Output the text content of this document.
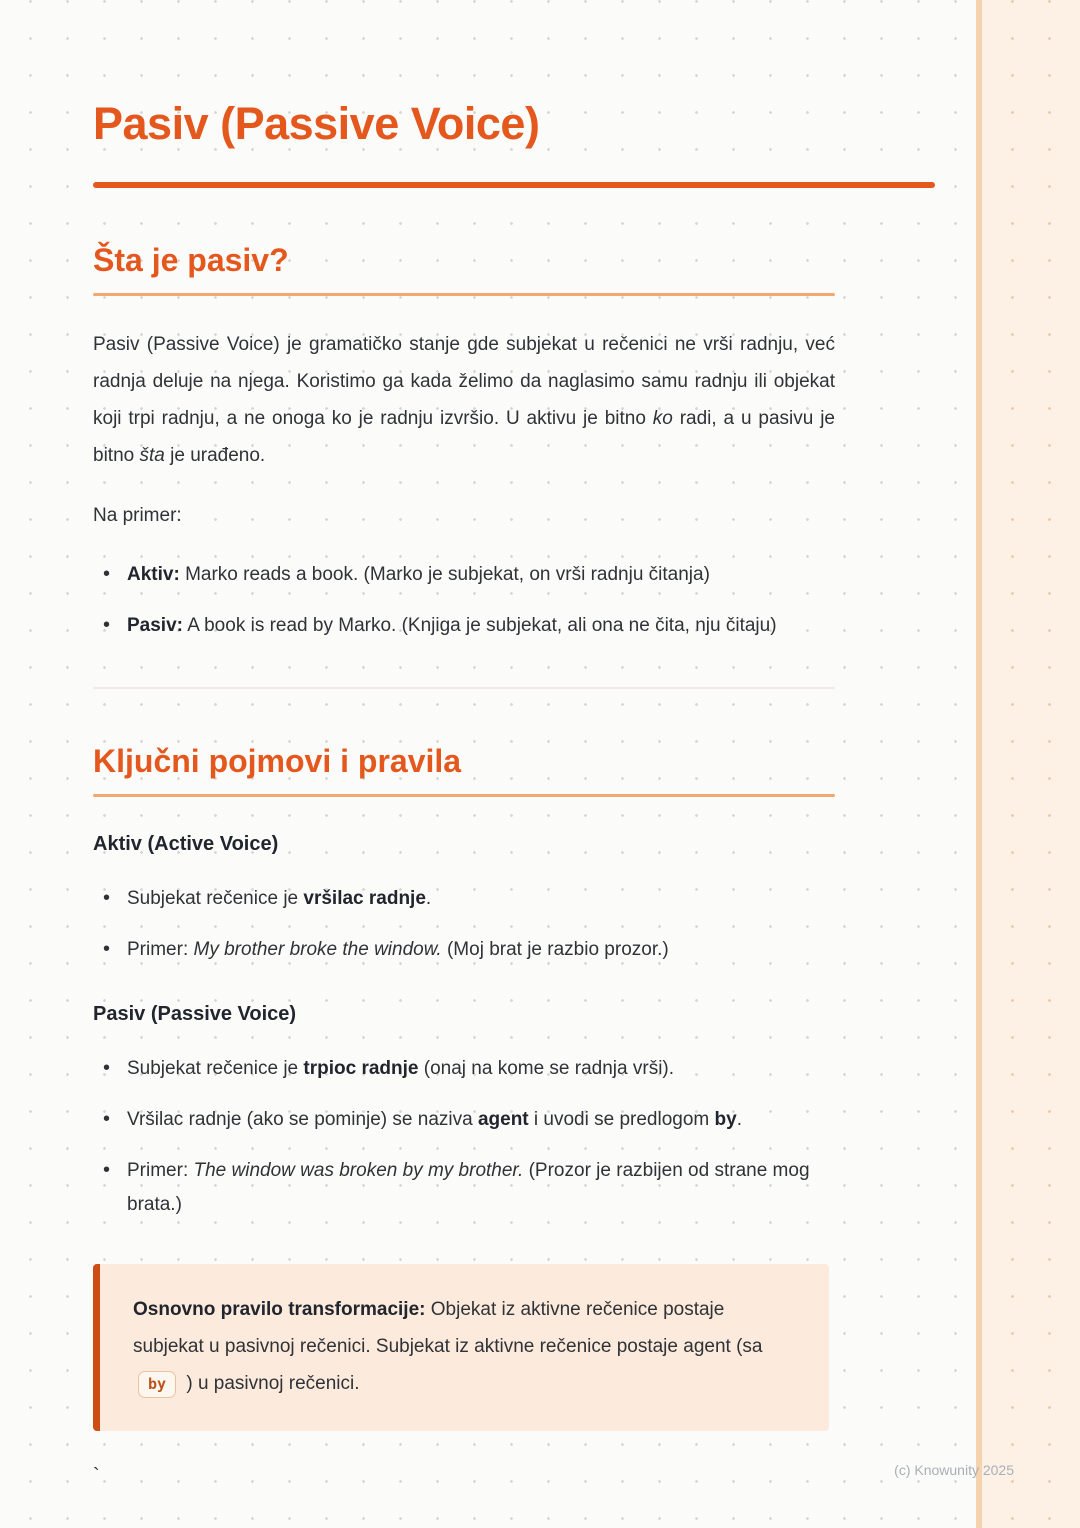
Pasiv (Passive Voice)
Šta je pasiv?

Pasiv (Passive Voice) je gramatičko stanje gde subjekat u rečenici ne vrši radnju, već radnja deluje na njega. Koristimo ga kada želimo da naglasimo samu radnju ili objekat koji trpi radnju, a ne onoga ko je radnju izvršio. U aktivu je bitno ko radi, a u pasivu je bitno šta je urađeno.

Na primer:

• Aktiv: Marko reads a book. (Marko je subjekat, on vrši radnju čitanja)
• Pasiv: A book is read by Marko. (Knjiga je subjekat, ali ona ne čita, nju čitaju)
Ključni pojmovi i pravila
Aktiv (Active Voice)
• Subjekat rečenice je vršilac radnje.
• Primer: My brother broke the window. (Moj brat je razbio prozor.)
Pasiv (Passive Voice)
• Subjekat rečenice je trpioc radnje (onaj na kome se radnja vrši).
• Vršilac radnje (ako se pominje) se naziva agent i uvodi se predlogom by.
• Primer: The window was broken by my brother. (Prozor je razbijen od strane mog brata.)

Osnovno pravilo transformacije: Objekat iz aktivne rečenice postaje subjekat u pasivnoj rečenici. Subjekat iz aktivne rečenice postaje agent (sa by ) u pasivnoj rečenici.

`	(c) Knowunity 2025
